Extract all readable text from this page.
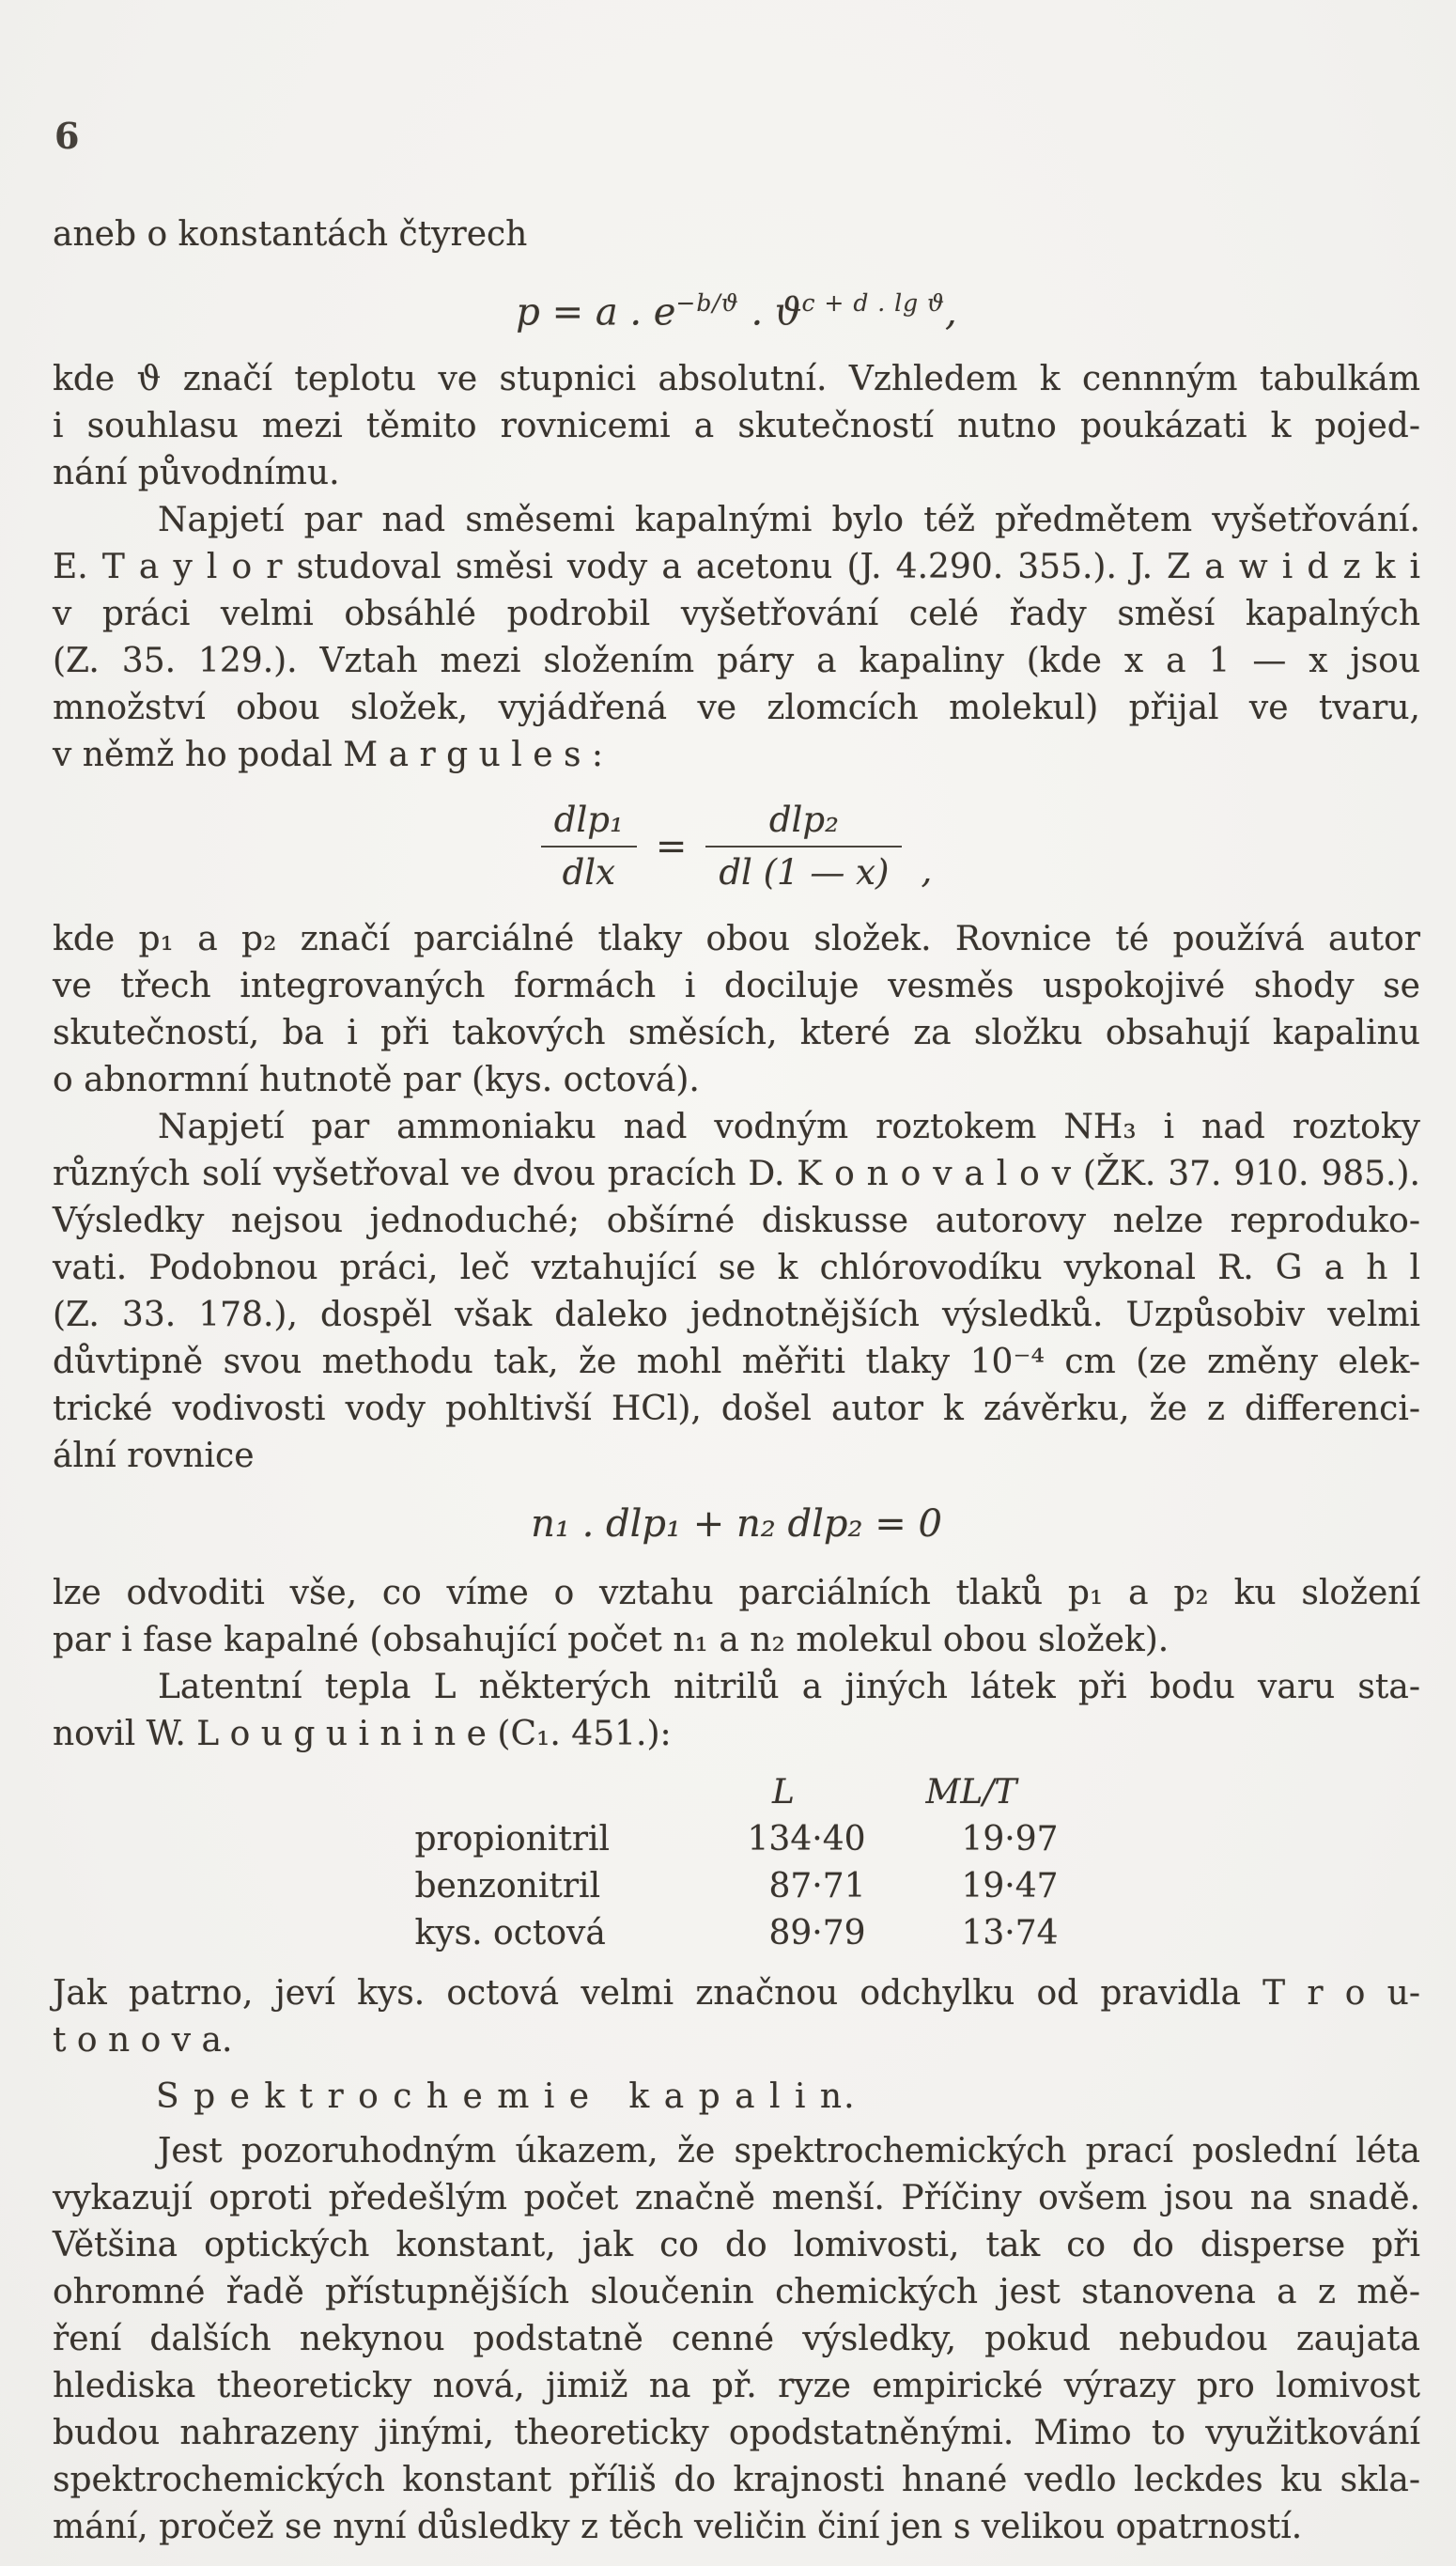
6
aneb o konstantách čtyrech
p = a . $e^{-b/ϑ}$ . $ϑ^{c + d . lg ϑ}$,
kde ϑ značí teplotu ve stupnici absolutní. Vzhledem k cennným tabulkám
i souhlasu mezi těmito rovnicemi a skutečností nutno poukázati k pojed-
nání původnímu.
Napjetí par nad směsemi kapalnými bylo též předmětem vyšetřování.
E. T a y l o r studoval směsi vody a acetonu (J. 4.290. 355.). J. Z a w i d z k i
v práci velmi obsáhlé podrobil vyšetřování celé řady směsí kapalných
(Z. 35. 129.). Vztah mezi složením páry a kapaliny (kde x a 1 — x jsou
množství obou složek, vyjádřená ve zlomcích molekul) přijal ve tvaru,
v němž ho podal M a r g u l e s :
$\frac{\text{dlp₁}}{\text{dlx}} = \frac{\text{dlp₂}}{dl (1 — x)}$ ,
kde p₁ a p₂ značí parciálné tlaky obou složek. Rovnice té používá autor
ve třech integrovaných formách i dociluje vesměs uspokojivé shody se
skutečností, ba i při takových směsích, které za složku obsahují kapalinu
o abnormní hutnotě par (kys. octová).
Napjetí par ammoniaku nad vodným roztokem NH₃ i nad roztoky
různých solí vyšetřoval ve dvou pracích D. K o n o v a l o v (ŽK. 37. 910. 985.).
Výsledky nejsou jednoduché; obšírné diskusse autorovy nelze reproduko-
vati. Podobnou práci, leč vztahující se k chlórovodíku vykonal R. G a h l
(Z. 33. 178.), dospěl však daleko jednotnějších výsledků. Uzpůsobiv velmi
důvtipně svou methodu tak, že mohl měřiti tlaky 10⁻⁴ cm (ze změny elek-
trické vodivosti vody pohltivší HCl), došel autor k závěrku, že z differenci-
ální rovnice
n₁ . dlp₁ + n₂ dlp₂ = 0
lze odvoditi vše, co víme o vztahu parciálních tlaků p₁ a p₂ ku složení
par i fase kapalné (obsahující počet n₁ a n₂ molekul obou složek).
Latentní tepla L některých nitrilů a jiných látek při bodu varu sta-
novil W. L o u g u i n i n e (C₁. 451.):
	L	ML/T
propionitril	134·40	19·97
benzonitril	87·71	19·47
kys. octová	89·79	13·74
Jak patrno, jeví kys. octová velmi značnou odchylku od pravidla T r o u-
t o n o v a.
S p e k t r o c h e m i e   k a p a l i n.
Jest pozoruhodným úkazem, že spektrochemických prací poslední léta
vykazují oproti předešlým počet značně menší. Příčiny ovšem jsou na snadě.
Většina optických konstant, jak co do lomivosti, tak co do disperse při
ohromné řadě přístupnějších sloučenin chemických jest stanovena a z mě-
ření dalších nekynou podstatně cenné výsledky, pokud nebudou zaujata
hlediska theoreticky nová, jimiž na př. ryze empirické výrazy pro lomivost
budou nahrazeny jinými, theoreticky opodstatněnými. Mimo to využitkování
spektrochemických konstant příliš do krajnosti hnané vedlo leckdes ku skla-
mání, pročež se nyní důsledky z těch veličin činí jen s velikou opatrností.
